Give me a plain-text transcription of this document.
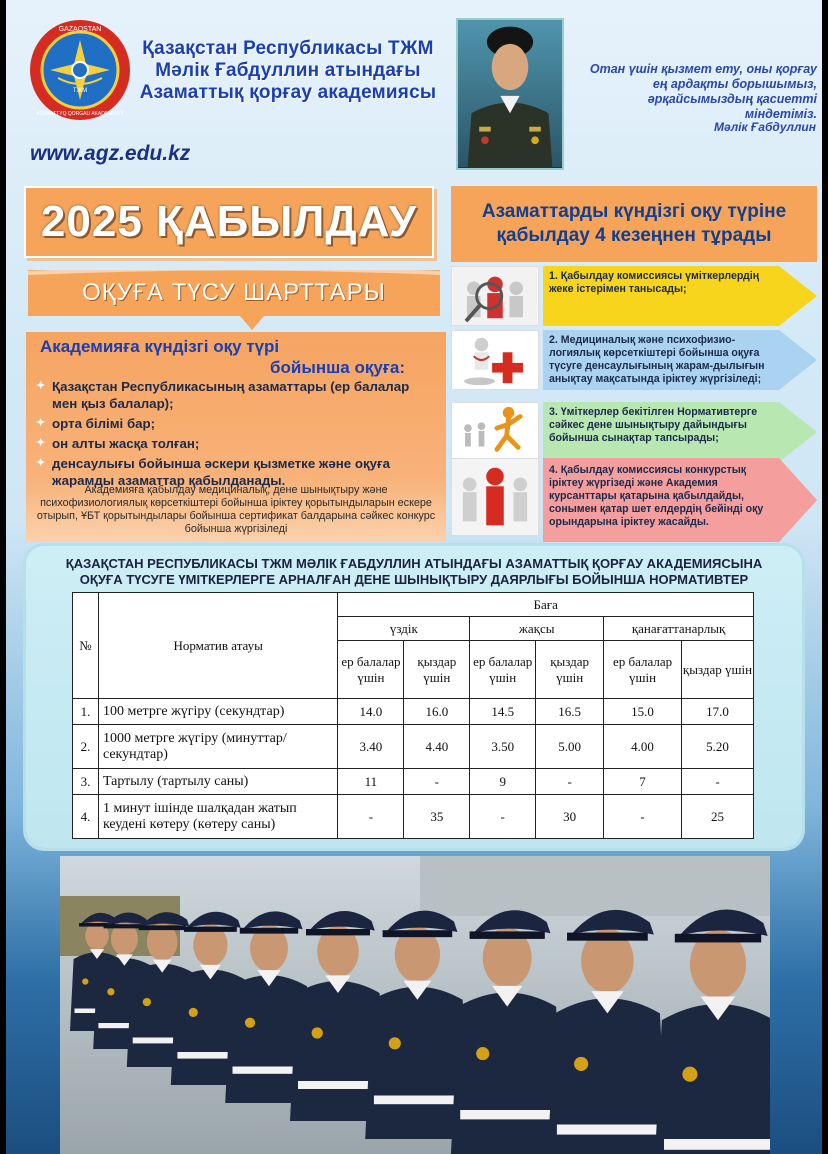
GAZAQSTAN
ТЖМ
AZAMATTYQ QORGAU AKADEMIASY
Қазақстан Республикасы ТЖМ
Мәлік Ғабдуллин атындағы
Азаматтық қорғау академиясы
www.agz.edu.kz
Отан үшін қызмет ету, оны қорғау ең ардақты борышымыз, әрқайсымыздың қасиетті міндетіміз.
Мәлік Ғабдуллин
2025 ҚАБЫЛДАУ	Азаматтарды күндізгі оқу түріне
қабылдау 4 кезеңнен тұрады
ОҚУҒА ТҮСУ ШАРТТАРЫ
Академияға күндізгі оқу түрі
бойынша оқуға:
✦ Қазақстан Республикасының азаматтары (ер балалар мен қыз балалар);
✦ орта білімі бар;
✦ он алты жасқа толған;
✦ денсаулығы бойынша әскери қызметке және оқуға жарамды азаматтар қабылданады.
Академияға қабылдау медициналық, дене шынықтыру және психофизиологиялық көрсеткіштері бойынша іріктеу қорытындыларын ескере отырып, ҰБТ қорытындылары бойынша сертификат балдарына сәйкес конкурс бойынша жүргізіледі
1. Қабылдау комиссиясы үміткерлердің жеке істерімен танысады;
2. Медициналық және психофизио-логиялық көрсеткіштері бойынша оқуға түсуге денсаулығының жарам-дылығын анықтау мақсатында іріктеу жүргізіледі;
3. Үміткерлер бекітілген Нормативтерге сәйкес дене шынықтыру дайындығы бойынша сынақтар тапсырады;
4. Қабылдау комиссиясы конкурстық іріктеу жүргізеді және Академия курсанттары қатарына қабылдайды, сонымен қатар шет елдердің бейінді оқу орындарына іріктеу жасайды.
ҚАЗАҚСТАН РЕСПУБЛИКАСЫ ТЖМ МӘЛІК ҒАБДУЛЛИН АТЫНДАҒЫ АЗАМАТТЫҚ ҚОРҒАУ АКАДЕМИЯСЫНА
ОҚУҒА ТҮСУГЕ ҮМІТКЕРЛЕРГЕ АРНАЛҒАН ДЕНЕ ШЫНЫҚТЫРУ ДАЯРЛЫҒЫ БОЙЫНША НОРМАТИВТЕР
№	Норматив атауы	Баға					
		үздік		жақсы		қанағаттанарлық	
		ер балалар үшін	қыздар үшін	ер балалар үшін	қыздар үшін	ер балалар үшін	қыздар үшін
1.	100 метрге жүгіру (секундтар)	14.0	16.0	14.5	16.5	15.0	17.0
2.	1000 метрге жүгіру (минуттар/секундтар)	3.40	4.40	3.50	5.00	4.00	5.20
3.	Тартылу (тартылу саны)	11	-	9	-	7	-
4.	1 минут ішінде шалқадан жатып кеудені көтеру (көтеру саны)	-	35	-	30	-	25
